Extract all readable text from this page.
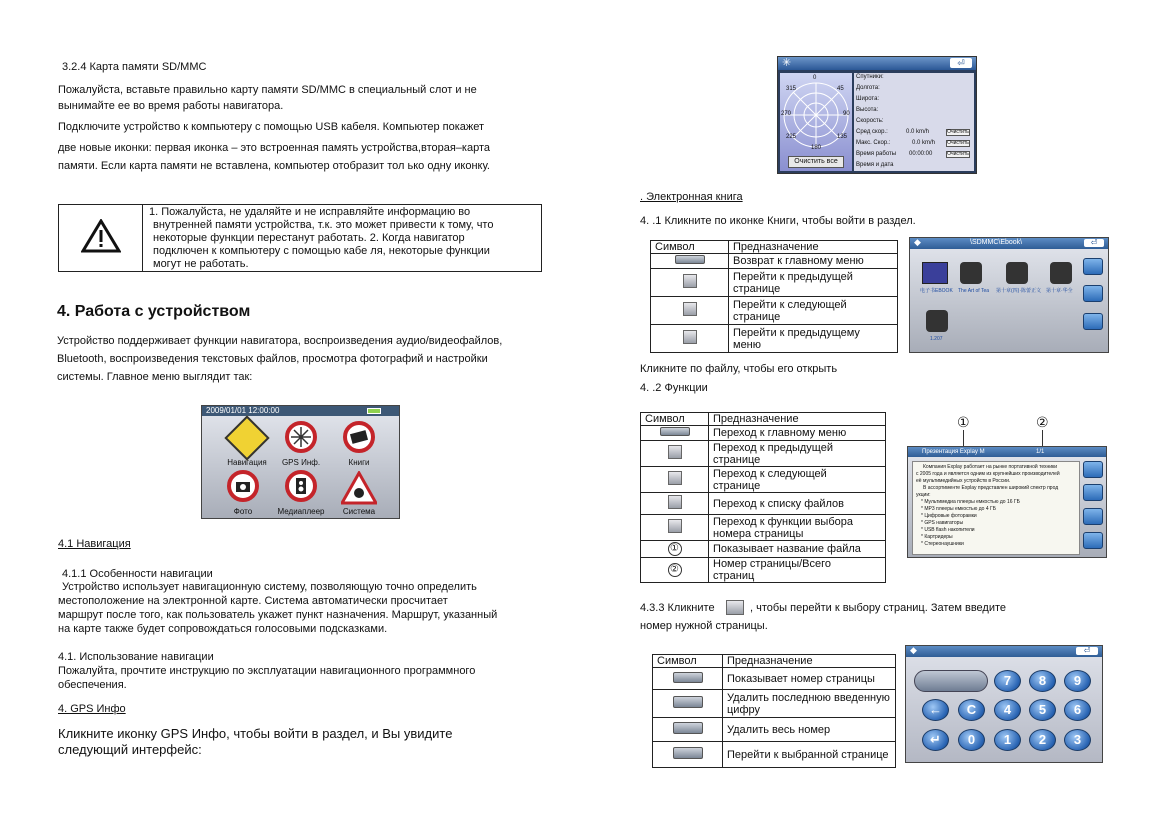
3.2.4 Карта памяти SD/MMC
Пожалуйста, вставьте правильно карту памяти SD/MMC в специальный слот и не
вынимайте ее во время работы навигатора.
Подключите устройство к компьютеру с помощью USB кабеля. Компьютер покажет
две новые иконки: первая иконка – это встроенная память устройства,вторая–карта
памяти. Если карта памяти не вставлена, компьютер отобразит тол ько одну иконку.
1. Пожалуйста, не удаляйте и не исправляйте информацию во
внутренней памяти устройства, т.к. это может привести к тому, что
некоторые функции перестанут работать. 2. Когда навигатор
подключен к компьютеру с помощью кабе ля, некоторые функции
могут не работать.
4. Работа с устройством
Устройство поддерживает функции навигатора, воспроизведения аудио/видеофайлов,
Bluetooth, воспроизведения текстовых файлов, просмотра фотографий и настройки
системы. Главное меню выглядит так:
2009/01/01 12:00:00
Навигация	GPS Инф.	Книги
Фото	Медиаплеер	Система
4.1 Навигация
4.1.1 Особенности навигации
Устройство использует навигационную систему, позволяющую точно определить
местоположение на электронной карте. Система автоматически просчитает
маршрут после того, как пользователь укажет пункт назначения. Маршрут, указанный
на карте также будет сопровождаться голосовыми подсказками.
4.1. Использование навигации
Пожалуйта, прочтите инструкцию по эксплуатации навигационного программного
обеспечения.
4. GPS Инфо
Кликните иконку GPS Инфо, чтобы войти в раздел, и Вы увидите
следующий интерфейс:
✳	⏎
0
45
90
135
180
225
270
315
Очистить все
Спутники:
Долгота:
Широта:
Высота:
Скорость:
Сред скор.:
Макс. Скор.:
Время работы
Время и дата
0.0 km/h
0.0 km/h
00:00:00
Очистить
Очистить
Очистить
. Электронная книга
4. .1 Кликните по иконке Книги, чтобы войти в раздел.
Символ	Предназначение
	Возврат к главному меню

	Перейти к предыдущей
странице

	Перейти к следующей
странице

	Перейти к предыдущему
меню
◆	\SDMMC\Ebook\	⏎
电子书EBOOK The Art of Tea 第十章(四)·陈蕾正文 第十章·华全
1.207
Кликните по файлу, чтобы его открыть
4. .2 Функции
Символ	Предназначение
	Переход к главному меню

	Переход к предыдущей
странице

	Переход к следующей
странице

	Переход к списку файлов

	Переход к функции выбора
номера страницы

①	Показывает название файла
②	Номер страницы/Всего
страниц
①	②
Презентация Explay M	1/1
Компания Explay работает на рынке портативной техники
с 2005 года и является одним из крупнейших производителей
её мультимедийных устройств в России.
В ассортименте Explay представлен широкий спектр прод
укции:
* Мультимедиа плееры емкостью до 16 ГБ
* MP3 плееры емкостью до 4 ГБ
* Цифровые фоторамки
* GPS навигаторы
* USB flash накопители
* Картридеры
* Стереонаушники
4.3.3 Кликните	, чтобы перейти к выбору страниц. Затем введите
номер нужной страницы.
Символ	Предназначение
	Показывает номер страницы

	Удалить последнюю введенную
цифру

	Удалить весь номер
	Перейти к выбранной странице
◆	⏎
7	8	9
←	C	4	5	6
↵	0	1	2	3
